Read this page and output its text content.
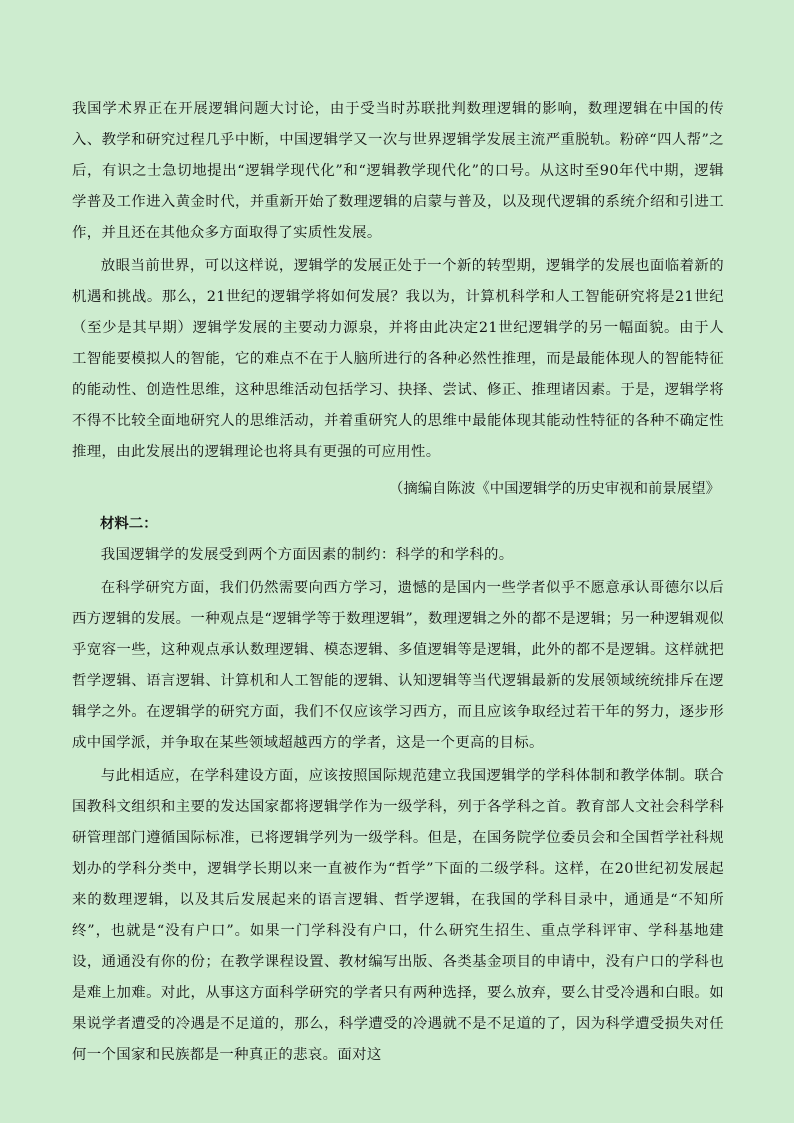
我国学术界正在开展逻辑问题大讨论，由于受当时苏联批判数理逻辑的影响，数理逻辑在中国的传入、教学和研究过程几乎中断，中国逻辑学又一次与世界逻辑学发展主流严重脱轨。粉碎“四人帮”之后，有识之士急切地提出“逻辑学现代化”和“逻辑教学现代化”的口号。从这时至90年代中期，逻辑学普及工作进入黄金时代，并重新开始了数理逻辑的启蒙与普及，以及现代逻辑的系统介绍和引进工作，并且还在其他众多方面取得了实质性发展。

放眼当前世界，可以这样说，逻辑学的发展正处于一个新的转型期，逻辑学的发展也面临着新的机遇和挑战。那么，21世纪的逻辑学将如何发展？我以为，计算机科学和人工智能研究将是21世纪（至少是其早期）逻辑学发展的主要动力源泉，并将由此决定21世纪逻辑学的另一幅面貌。由于人工智能要模拟人的智能，它的难点不在于人脑所进行的各种必然性推理，而是最能体现人的智能特征的能动性、创造性思维，这种思维活动包括学习、抉择、尝试、修正、推理诸因素。于是，逻辑学将不得不比较全面地研究人的思维活动，并着重研究人的思维中最能体现其能动性特征的各种不确定性推理，由此发展出的逻辑理论也将具有更强的可应用性。

（摘编自陈波《中国逻辑学的历史审视和前景展望》

材料二：

我国逻辑学的发展受到两个方面因素的制约：科学的和学科的。

在科学研究方面，我们仍然需要向西方学习，遗憾的是国内一些学者似乎不愿意承认哥德尔以后西方逻辑的发展。一种观点是“逻辑学等于数理逻辑”，数理逻辑之外的都不是逻辑；另一种逻辑观似乎宽容一些，这种观点承认数理逻辑、模态逻辑、多值逻辑等是逻辑，此外的都不是逻辑。这样就把哲学逻辑、语言逻辑、计算机和人工智能的逻辑、认知逻辑等当代逻辑最新的发展领域统统排斥在逻辑学之外。在逻辑学的研究方面，我们不仅应该学习西方，而且应该争取经过若干年的努力，逐步形成中国学派，并争取在某些领域超越西方的学者，这是一个更高的目标。

与此相适应，在学科建设方面，应该按照国际规范建立我国逻辑学的学科体制和教学体制。联合国教科文组织和主要的发达国家都将逻辑学作为一级学科，列于各学科之首。教育部人文社会科学科研管理部门遵循国际标准，已将逻辑学列为一级学科。但是，在国务院学位委员会和全国哲学社科规划办的学科分类中，逻辑学长期以来一直被作为“哲学”下面的二级学科。这样，在20世纪初发展起来的数理逻辑，以及其后发展起来的语言逻辑、哲学逻辑，在我国的学科目录中，通通是“不知所终”，也就是“没有户口”。如果一门学科没有户口，什么研究生招生、重点学科评审、学科基地建设，通通没有你的份；在教学课程设置、教材编写出版、各类基金项目的申请中，没有户口的学科也是难上加难。对此，从事这方面科学研究的学者只有两种选择，要么放弃，要么甘受冷遇和白眼。如果说学者遭受的冷遇是不足道的，那么，科学遭受的冷遇就不是不足道的了，因为科学遭受损失对任何一个国家和民族都是一种真正的悲哀。面对这
